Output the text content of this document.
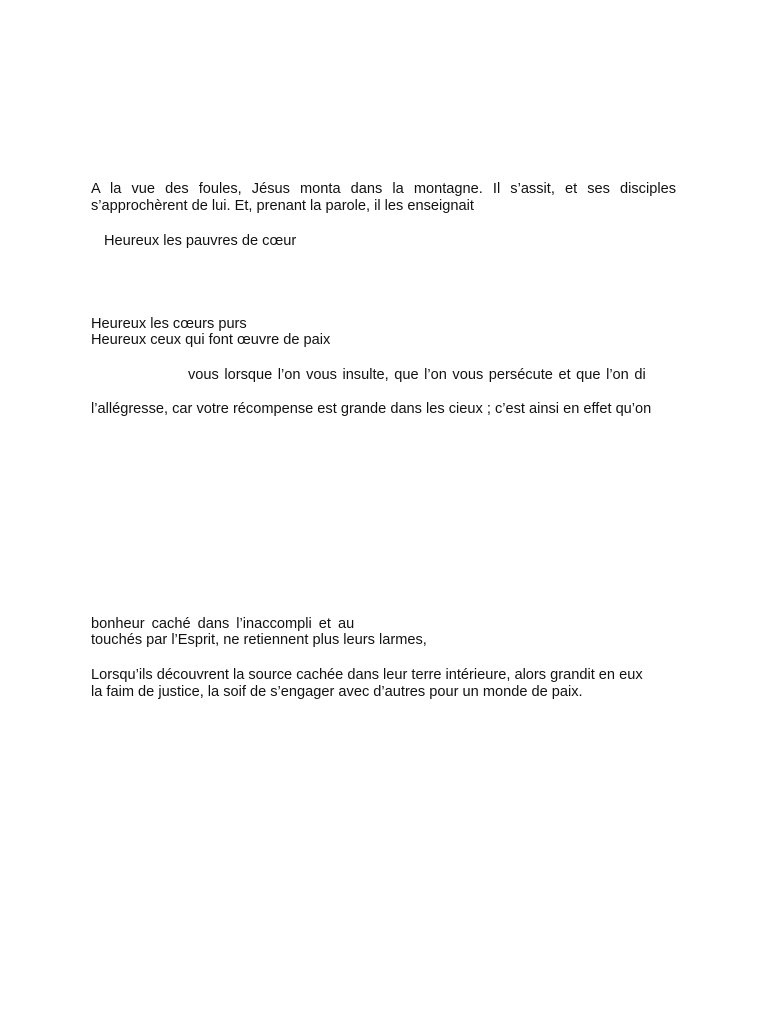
A la vue des foules, Jésus monta dans la montagne. Il s’assit, et ses disciples
s’approchèrent de lui. Et, prenant la parole, il les enseignait
Heureux les pauvres de cœur
Heureux les cœurs purs
Heureux ceux qui font œuvre de paix
vous lorsque l’on vous insulte, que l’on vous persécute et que l’on di
l’allégresse, car votre récompense est grande dans les cieux ; c’est ainsi en effet qu’on
bonheur caché dans l’inaccompli et au
touchés par l’Esprit, ne retiennent plus leurs larmes,
Lorsqu’ils découvrent la source cachée dans leur terre intérieure, alors grandit en eux
la faim de justice, la soif de s’engager avec d’autres pour un monde de paix.
